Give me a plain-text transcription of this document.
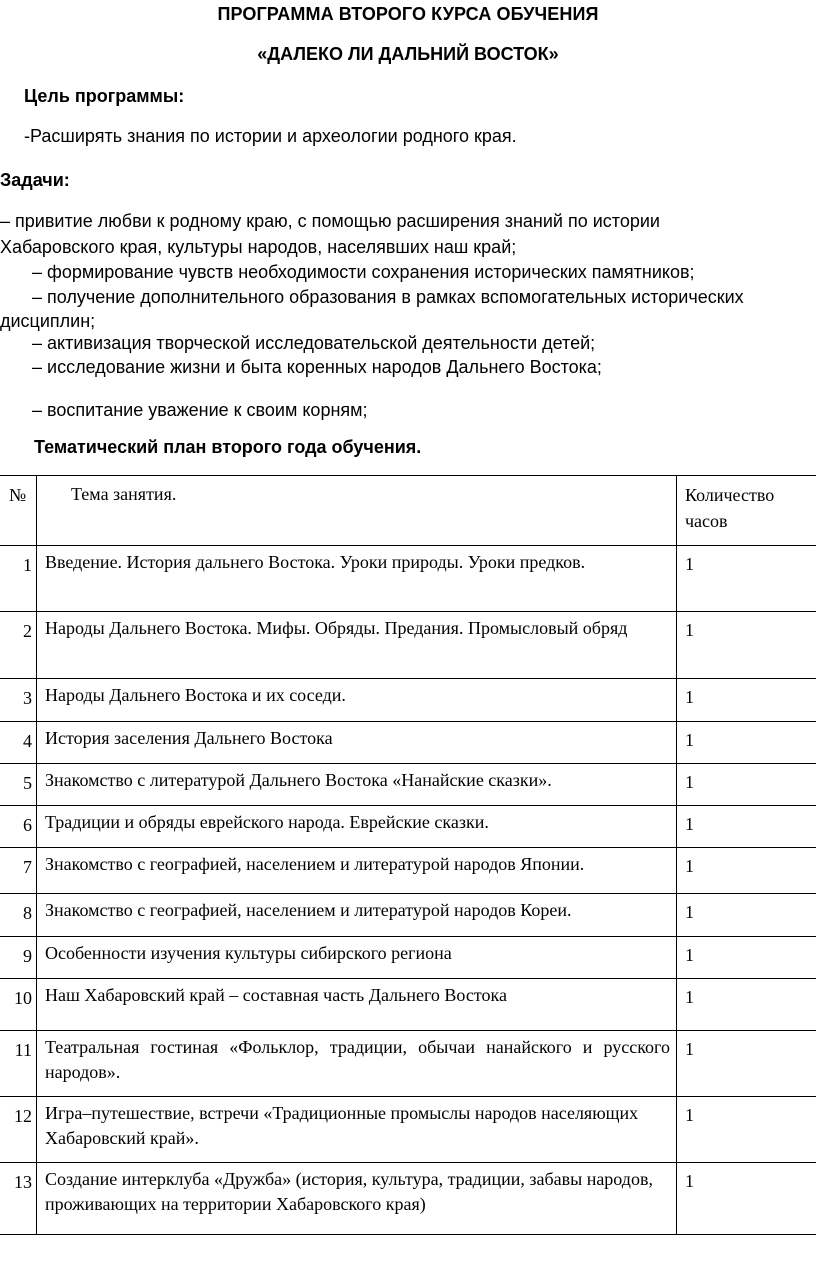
ПРОГРАММА ВТОРОГО КУРСА ОБУЧЕНИЯ
«ДАЛЕКО ЛИ ДАЛЬНИЙ ВОСТОК»
Цель программы:
-Расширять знания по истории и археологии родного края.
Задачи:
– привитие любви к родному краю, с помощью расширения знаний по истории
Хабаровского края, культуры народов, населявших наш край;
– формирование чувств необходимости сохранения исторических памятников;
– получение дополнительного образования в рамках вспомогательных исторических
дисциплин;
– активизация творческой исследовательской деятельности детей;
– исследование жизни и быта коренных народов Дальнего Востока;
– воспитание уважение к своим корням;
Тематический план второго года обучения.
№	Тема занятия.	Количество часов

1	Введение. История дальнего Востока. Уроки природы. Уроки предков.	1

2	Народы Дальнего Востока. Мифы. Обряды. Предания. Промысловый обряд	1

3	Народы Дальнего Востока и их соседи.	1

4	История заселения Дальнего Востока	1

5	Знакомство с литературой Дальнего Востока «Нанайские сказки».	1

6	Традиции и обряды еврейского народа. Еврейские сказки.	1

7	Знакомство с географией, населением и литературой народов Японии.	1

8	Знакомство с географией, населением и литературой народов Кореи.	1

9	Особенности изучения культуры сибирского региона	1

10	Наш Хабаровский край – составная часть Дальнего Востока	1

11	Театральная гостиная «Фольклор, традиции, обычаи нанайского и русского народов».	1

12	Игра–путешествие, встречи «Традиционные промыслы народов населяющих Хабаровский край».	1

13	Создание интерклуба «Дружба» (история, культура, традиции, забавы народов, проживающих на территории Хабаровского края)	1
